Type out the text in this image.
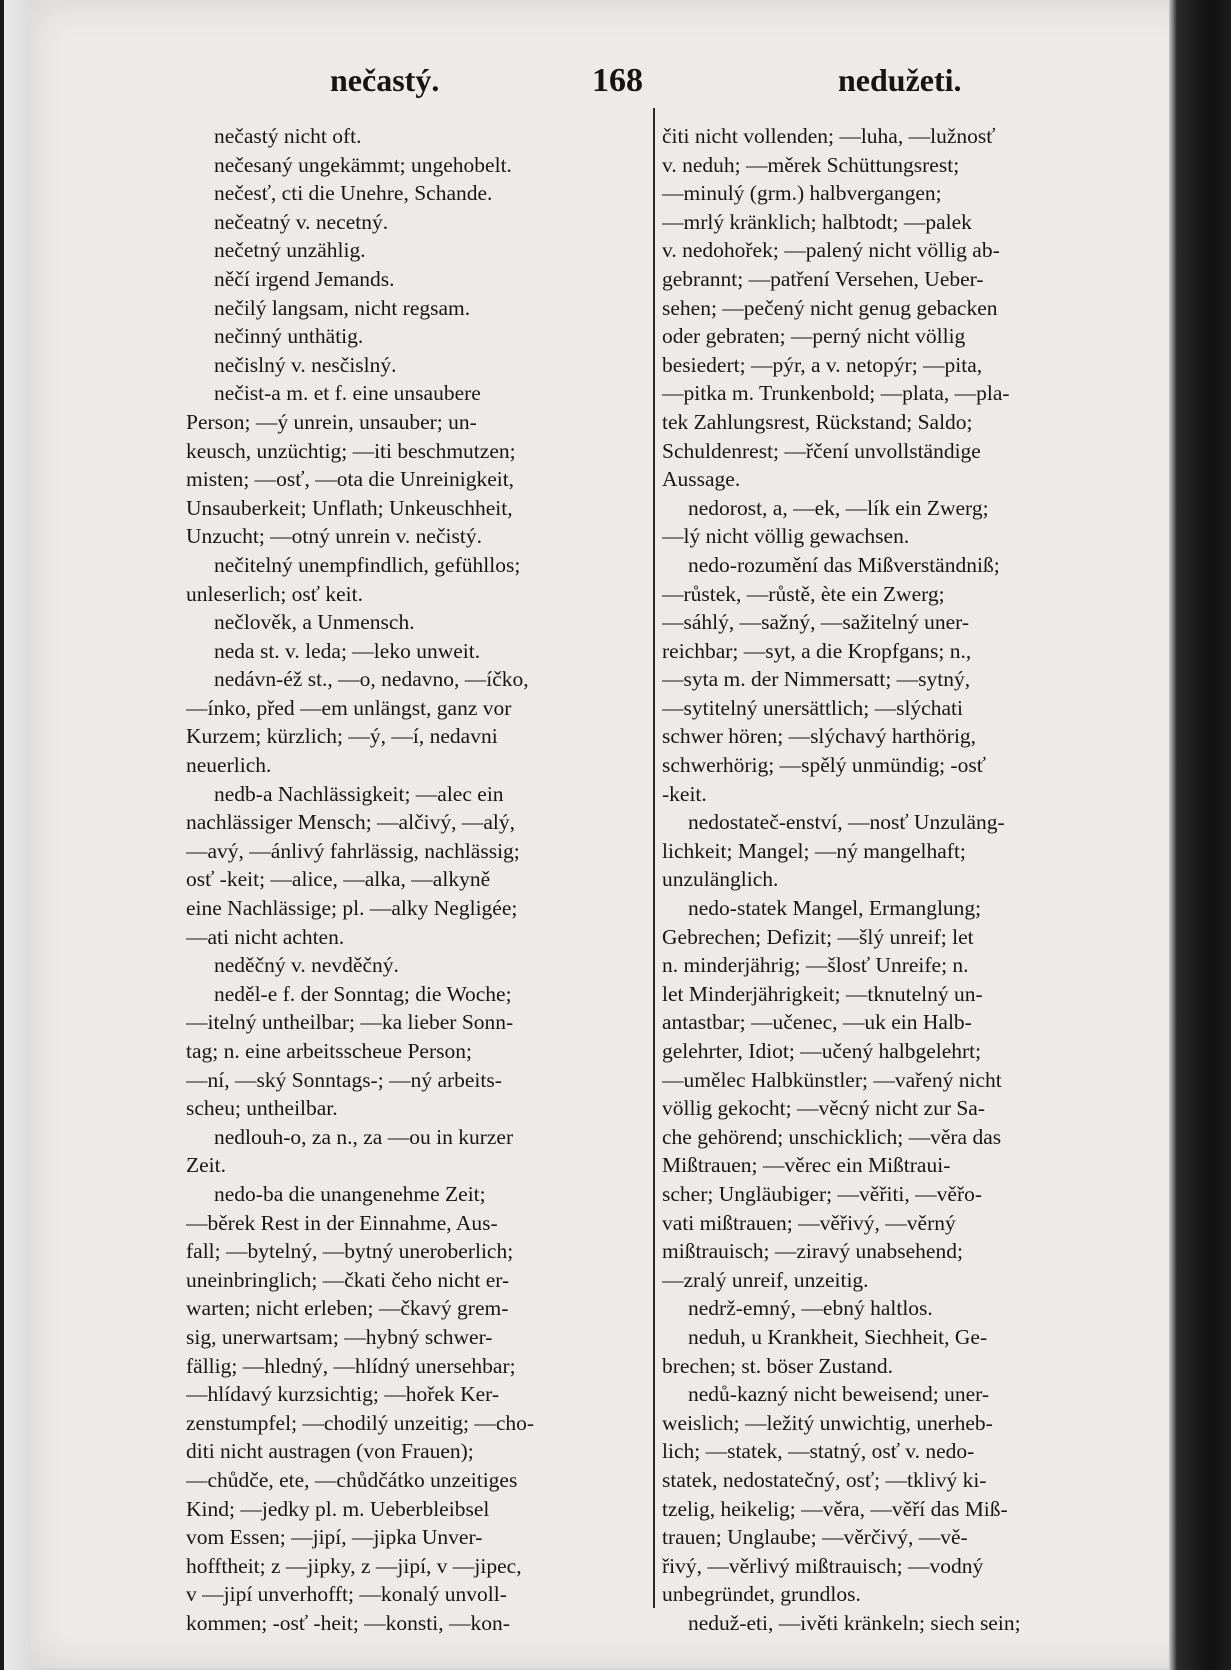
nečastý.	168	nedužeti.
nečastý nicht oft.
nečesaný ungekämmt; ungehobelt.
nečesť, cti die Unehre, Schande.
nečeatný v. necetný.
nečetný unzählig.
něčí irgend Jemands.
nečilý langsam, nicht regsam.
nečinný unthätig.
nečislný v. nesčislný.
nečist-a m. et f. eine unsaubere
Person; —ý unrein, unsauber; un-
keusch, unzüchtig; —iti beschmutzen;
misten; —osť, —ota die Unreinigkeit,
Unsauberkeit; Unflath; Unkeuschheit,
Unzucht; —otný unrein v. nečistý.
nečitelný unempfindlich, gefühllos;
unleserlich; osť keit.
nečlověk, a Unmensch.
neda st. v. leda; —leko unweit.
nedávn-éž st., —o, nedavno, —íčko,
—ínko, před —em unlängst, ganz vor
Kurzem; kürzlich; —ý, —í, nedavni
neuerlich.
nedb-a Nachlässigkeit; —alec ein
nachlässiger Mensch; —alčivý, —alý,
—avý, —ánlivý fahrlässig, nachlässig;
osť -keit; —alice, —alka, —alkyně
eine Nachlässige; pl. —alky Negligée;
—ati nicht achten.
neděčný v. nevděčný.
neděl-e f. der Sonntag; die Woche;
—itelný untheilbar; —ka lieber Sonn-
tag; n. eine arbeitsscheue Person;
—ní, —ský Sonntags-; —ný arbeits-
scheu; untheilbar.
nedlouh-o, za n., za —ou in kurzer
Zeit.
nedo-ba die unangenehme Zeit;
—běrek Rest in der Einnahme, Aus-
fall; —bytelný, —bytný uneroberlich;
uneinbringlich; —čkati čeho nicht er-
warten; nicht erleben; —čkavý grem-
sig, unerwartsam; —hybný schwer-
fällig; —hledný, —hlídný unersehbar;
—hlídavý kurzsichtig; —hořek Ker-
zenstumpfel; —chodilý unzeitig; —cho-
diti nicht austragen (von Frauen);
—chůdče, ete, —chůdčátko unzeitiges
Kind; —jedky pl. m. Ueberbleibsel
vom Essen; —jipí, —jipka Unver-
hofftheit; z —jipky, z —jipí, v —jipec,
v —jipí unverhofft; —konalý unvoll-
kommen; -osť -heit; —konsti, —kon-
čiti nicht vollenden; —luha, —lužnosť
v. neduh; —měrek Schüttungsrest;
—minulý (grm.) halbvergangen;
—mrlý kränklich; halbtodt; —palek
v. nedohořek; —palený nicht völlig ab-
gebrannt; —patření Versehen, Ueber-
sehen; —pečený nicht genug gebacken
oder gebraten; —perný nicht völlig
besiedert; —pýr, a v. netopýr; —pita,
—pitka m. Trunkenbold; —plata, —pla-
tek Zahlungsrest, Rückstand; Saldo;
Schuldenrest; —řčení unvollständige
Aussage.
nedorost, a, —ek, —lík ein Zwerg;
—lý nicht völlig gewachsen.
nedo-rozumění das Mißverständniß;
—růstek, —růstě, ète ein Zwerg;
—sáhlý, —sažný, —sažitelný uner-
reichbar; —syt, a die Kropfgans; n.,
—syta m. der Nimmersatt; —sytný,
—sytitelný unersättlich; —slýchati
schwer hören; —slýchavý harthörig,
schwerhörig; —spělý unmündig; -osť
-keit.
nedostateč-enství, —nosť Unzuläng-
lichkeit; Mangel; —ný mangelhaft;
unzulänglich.
nedo-statek Mangel, Ermanglung;
Gebrechen; Defizit; —šlý unreif; let
n. minderjährig; —šlosť Unreife; n.
let Minderjährigkeit; —tknutelný un-
antastbar; —učenec, —uk ein Halb-
gelehrter, Idiot; —učený halbgelehrt;
—umělec Halbkünstler; —vařený nicht
völlig gekocht; —věcný nicht zur Sa-
che gehörend; unschicklich; —věra das
Mißtrauen; —věrec ein Mißtraui-
scher; Ungläubiger; —věřiti, —věřo-
vati mißtrauen; —věřivý, —věrný
mißtrauisch; —ziravý unabsehend;
—zralý unreif, unzeitig.
nedrž-emný, —ebný haltlos.
neduh, u Krankheit, Siechheit, Ge-
brechen; st. böser Zustand.
nedů-kazný nicht beweisend; uner-
weislich; —ležitý unwichtig, unerheb-
lich; —statek, —statný, osť v. nedo-
statek, nedostatečný, osť; —tklivý ki-
tzelig, heikelig; —věra, —věří das Miß-
trauen; Unglaube; —věrčivý, —vě-
řivý, —věrlivý mißtrauisch; —vodný
unbegründet, grundlos.
neduž-eti, —ivěti kränkeln; siech sein;
